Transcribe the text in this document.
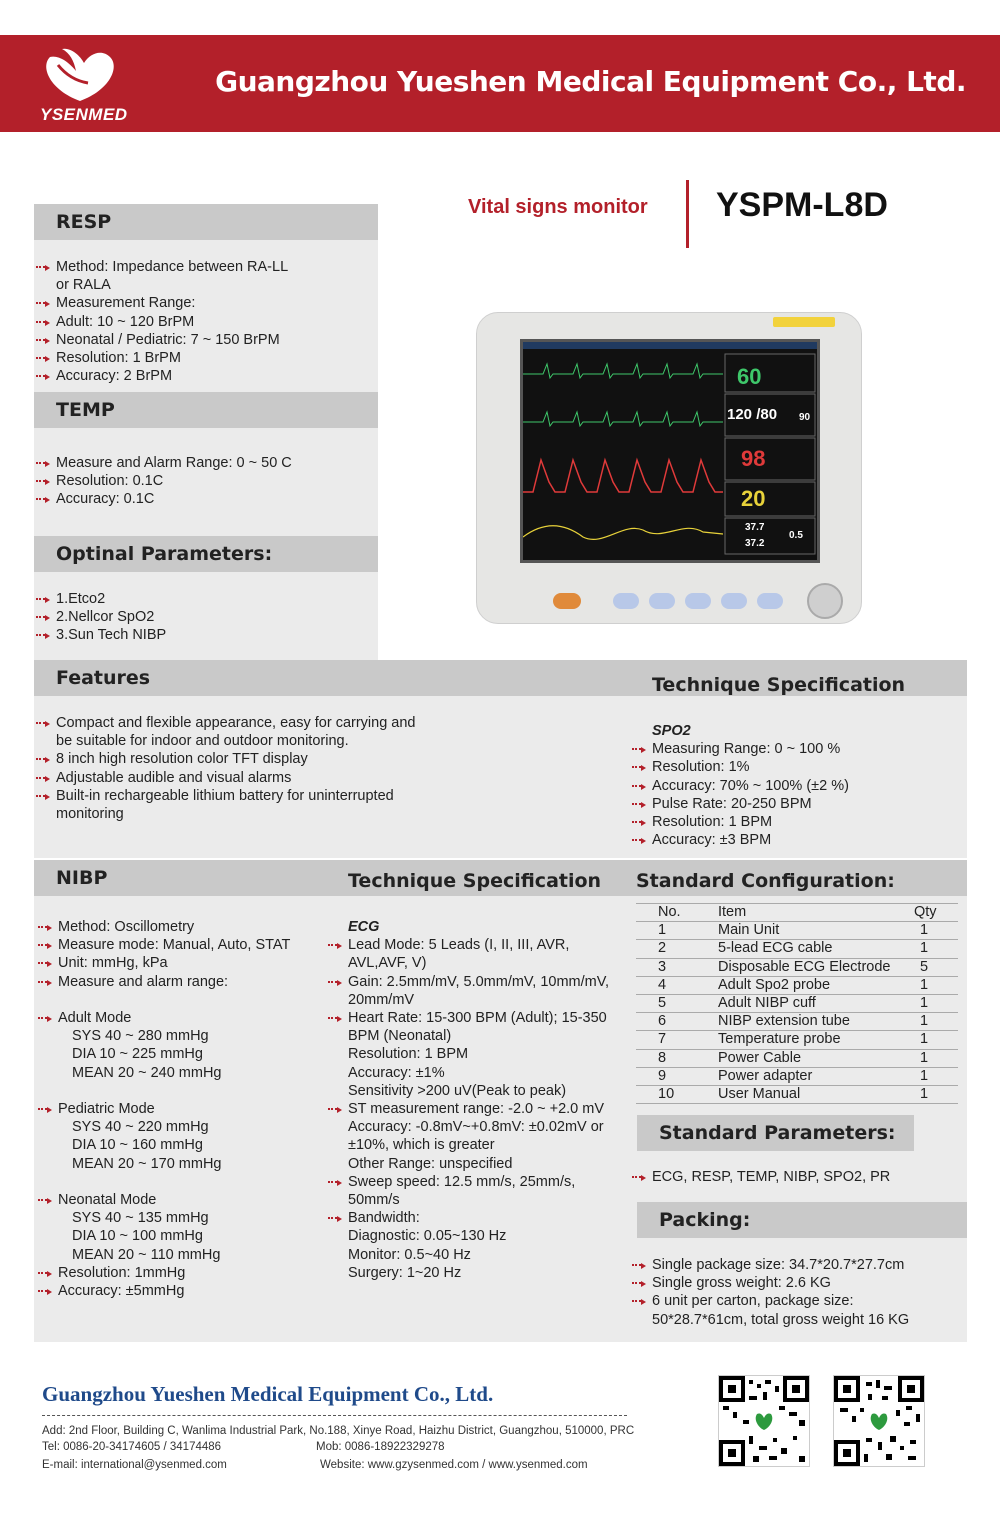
YSENMED
Guangzhou Yueshen Medical Equipment Co., Ltd.
Vital signs monitor YSPM-L8D
RESP
Method: Impedance between RA-LL
or RALA
Measurement Range:
Adult: 10 ~ 120 BrPM
Neonatal / Pediatric: 7 ~ 150 BrPM
Resolution: 1 BrPM
Accuracy: 2 BrPM
TEMP
Measure and Alarm Range: 0 ~ 50 C
Resolution: 0.1C
Accuracy: 0.1C
Optinal Parameters:
1.Etco2
2.Nellcor SpO2
3.Sun Tech NIBP
60
120 /80 90
98
20
37.7
37.2
0.5
Features	Technique Specification
Compact and flexible appearance, easy for carrying and
be suitable for indoor and outdoor monitoring.
8 inch high resolution color TFT display
Adjustable audible and visual alarms
Built-in rechargeable lithium battery for uninterrupted
monitoring
SPO2
Measuring Range: 0 ~ 100 %
Resolution: 1%
Accuracy: 70% ~ 100% (±2 %)
Pulse Rate: 20-250 BPM
Resolution: 1 BPM
Accuracy: ±3 BPM
NIBP	Technique Specification Standard Configuration:
Method: Oscillometry
Measure mode: Manual, Auto, STAT
Unit: mmHg, kPa
Measure and alarm range:
Adult Mode
SYS 40 ~ 280 mmHg
DIA 10 ~ 225 mmHg
MEAN 20 ~ 240 mmHg
Pediatric Mode
SYS 40 ~ 220 mmHg
DIA 10 ~ 160 mmHg
MEAN 20 ~ 170 mmHg
Neonatal Mode
SYS 40 ~ 135 mmHg
DIA 10 ~ 100 mmHg
MEAN 20 ~ 110 mmHg
Resolution: 1mmHg
Accuracy: ±5mmHg
ECG
Lead Mode: 5 Leads (I, II, III, AVR,
AVL,AVF, V)
Gain: 2.5mm/mV, 5.0mm/mV, 10mm/mV,
20mm/mV
Heart Rate: 15-300 BPM (Adult); 15-350
BPM (Neonatal)
Resolution: 1 BPM
Accuracy: ±1%
Sensitivity >200 uV(Peak to peak)
ST measurement range: -2.0 ~ +2.0 mV
Accuracy: -0.8mV~+0.8mV: ±0.02mV or
±10%, which is greater
Other Range: unspecified
Sweep speed: 12.5 mm/s, 25mm/s,
50mm/s
Bandwidth:
Diagnostic: 0.05~130 Hz
Monitor: 0.5~40 Hz
Surgery: 1~20 Hz
No.	Item	Qty
1	Main Unit	1
2	5-lead ECG cable	1
3	Disposable ECG Electrode	5
4	Adult Spo2 probe	1
5	Adult NIBP cuff	1
6	NIBP extension tube	1
7	Temperature probe	1
8	Power Cable	1
9	Power adapter	1
10	User Manual	1
Standard Parameters:
ECG, RESP, TEMP, NIBP, SPO2, PR
Packing:
Single package size: 34.7*20.7*27.7cm
Single gross weight: 2.6 KG
6 unit per carton, package size:
50*28.7*61cm, total gross weight 16 KG
Guangzhou Yueshen Medical Equipment Co., Ltd.
Add: 2nd Floor, Building C, Wanlima Industrial Park, No.188, Xinye Road, Haizhu District, Guangzhou, 510000, PRC
Tel: 0086-20-34174605 / 34174486	Mob: 0086-18922329278
E-mail: international@ysenmed.com	Website: www.gzysenmed.com / www.ysenmed.com
